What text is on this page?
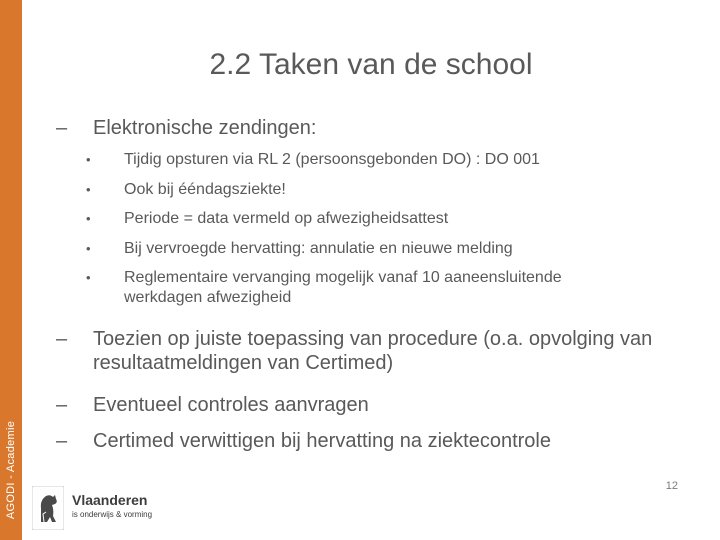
AGODI - Academie
2.2 Taken van de school
– Elektronische zendingen:
• Tijdig opsturen via RL 2 (persoonsgebonden DO) : DO 001
• Ook bij ééndagsziekte!
• Periode = data vermeld op afwezigheidsattest
• Bij vervroegde hervatting: annulatie en nieuwe melding
• Reglementaire vervanging mogelijk vanaf 10 aaneensluitende werkdagen afwezigheid
– Toezien op juiste toepassing van procedure (o.a. opvolging van resultaatmeldingen van Certimed)
– Eventueel controles aanvragen
– Certimed verwittigen bij hervatting na ziektecontrole
Vlaanderen
is onderwijs & vorming
12
